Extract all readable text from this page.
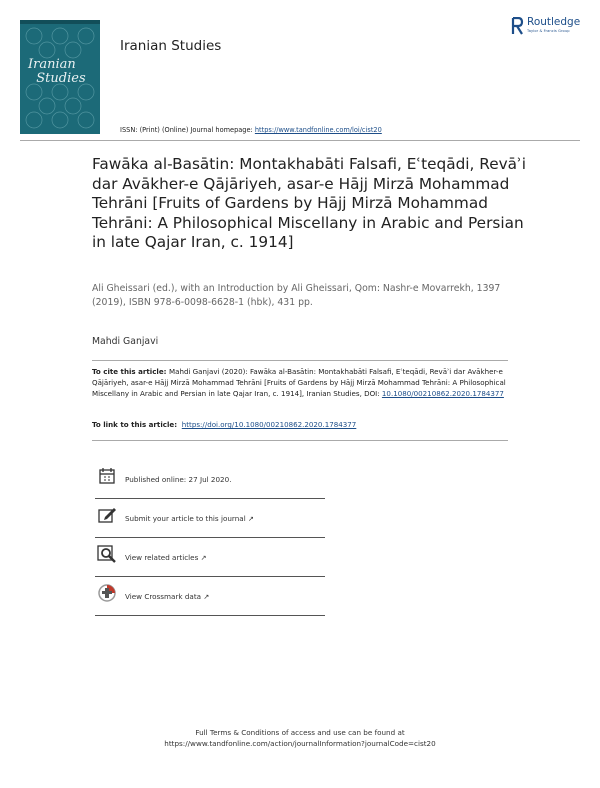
Iranian
Studies
Iranian Studies
Routledge
Taylor & Francis Group
ISSN: (Print) (Online) Journal homepage: https://www.tandfonline.com/loi/cist20
Fawāka al-Basātin: Montakhabāti Falsafi, Eʿteqādi, Revāʾi dar Avākher-e Qājāriyeh, asar-e Hājj Mirzā Mohammad Tehrāni [Fruits of Gardens by Hājj Mirzā Mohammad Tehrāni: A Philosophical Miscellany in Arabic and Persian in late Qajar Iran, c. 1914]
Ali Gheissari (ed.), with an Introduction by Ali Gheissari, Qom: Nashr-e Movarrekh, 1397 (2019), ISBN 978-6-0098-6628-1 (hbk), 431 pp.
Mahdi Ganjavi
To cite this article: Mahdi Ganjavi (2020): Fawāka al-Basātin: Montakhabāti Falsafi, Eʿteqādi, Revāʾi dar Avākher-e Qājāriyeh, asar-e Hājj Mirzā Mohammad Tehrāni [Fruits of Gardens by Hājj Mirzā Mohammad Tehrāni: A Philosophical Miscellany in Arabic and Persian in late Qajar Iran, c. 1914], Iranian Studies, DOI: 10.1080/00210862.2020.1784377
To link to this article:  https://doi.org/10.1080/00210862.2020.1784377
Published online: 27 Jul 2020.
Submit your article to this journal ↗
View related articles ↗
View Crossmark data ↗
Full Terms & Conditions of access and use can be found at
https://www.tandfonline.com/action/journalInformation?journalCode=cist20
